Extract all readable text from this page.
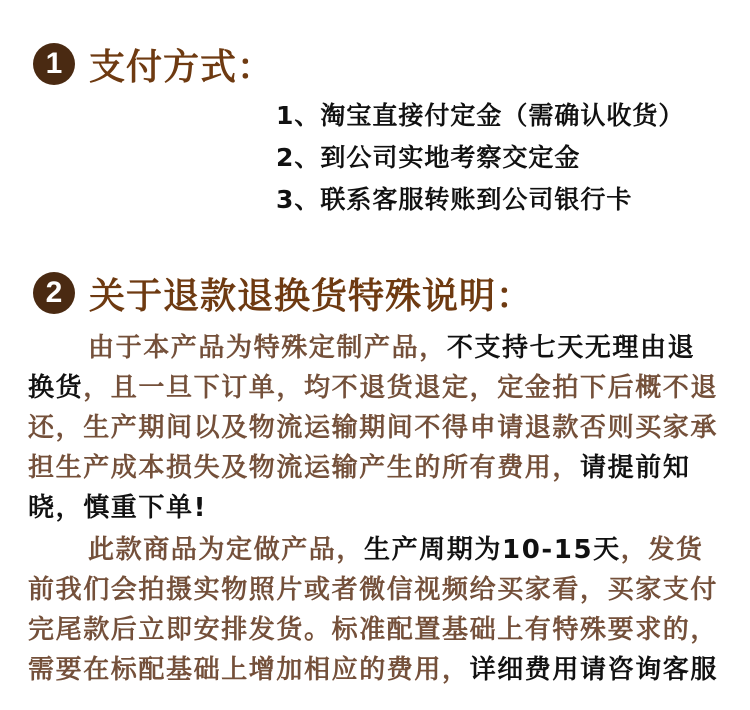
1 支付方式：
1、淘宝直接付定金（需确认收货）
2、到公司实地考察交定金
3、联系客服转账到公司银行卡
2 关于退款退换货特殊说明：

由于本产品为特殊定制产品，不支持七天无理由退换货，且一旦下订单，均不退货退定，定金拍下后概不退还，生产期间以及物流运输期间不得申请退款否则买家承担生产成本损失及物流运输产生的所有费用，请提前知晓，慎重下单!

此款商品为定做产品，生产周期为10-15天，发货前我们会拍摄实物照片或者微信视频给买家看，买家支付完尾款后立即安排发货。标准配置基础上有特殊要求的，需要在标配基础上增加相应的费用，详细费用请咨询客服
